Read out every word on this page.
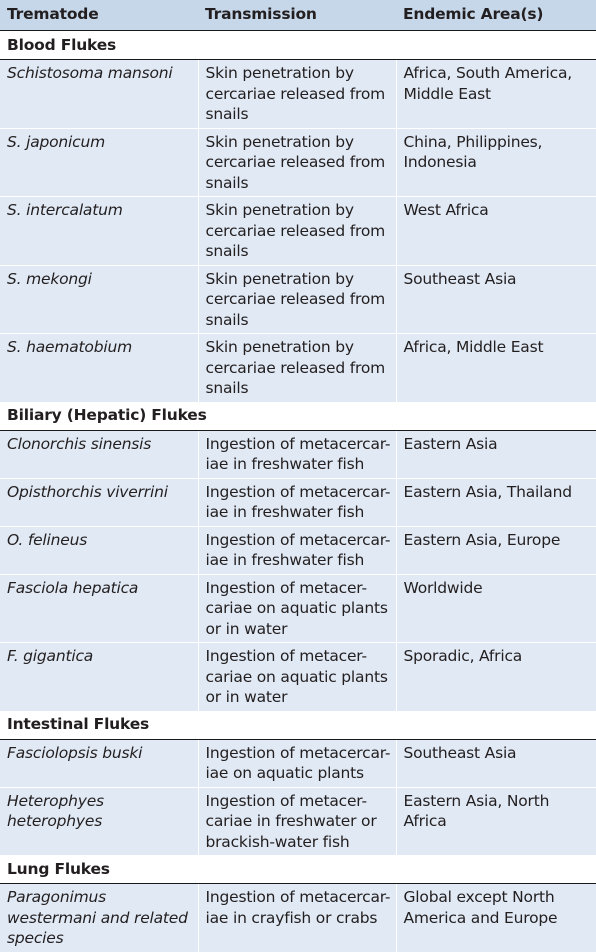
Trematode	Transmission	Endemic Area(s)
Blood Flukes		
Schistosoma mansoni	Skin penetration by cercariae released from snails	Africa, South America, Middle East
S. japonicum	Skin penetration by cercariae released from snails	China, Philippines, Indonesia
S. intercalatum	Skin penetration by cercariae released from snails	West Africa
S. mekongi	Skin penetration by cercariae released from snails	Southeast Asia
S. haematobium	Skin penetration by cercariae released from snails	Africa, Middle East
Biliary (Hepatic) Flukes		
Clonorchis sinensis	Ingestion of metacercar-iae in freshwater fish	Eastern Asia
Opisthorchis viverrini	Ingestion of metacercar-iae in freshwater fish	Eastern Asia, Thailand
O. felineus	Ingestion of metacercar-iae in freshwater fish	Eastern Asia, Europe
Fasciola hepatica	Ingestion of metacer-cariae on aquatic plants or in water	Worldwide
F. gigantica	Ingestion of metacer-cariae on aquatic plants or in water	Sporadic, Africa
Intestinal Flukes		
Fasciolopsis buski	Ingestion of metacercar-iae on aquatic plants	Southeast Asia
Heterophyes heterophyes	Ingestion of metacer-cariae in freshwater or brackish-water fish	Eastern Asia, North Africa
Lung Flukes		
Paragonimus westermani and related species	Ingestion of metacercar-iae in crayfish or crabs	Global except North America and Europe
